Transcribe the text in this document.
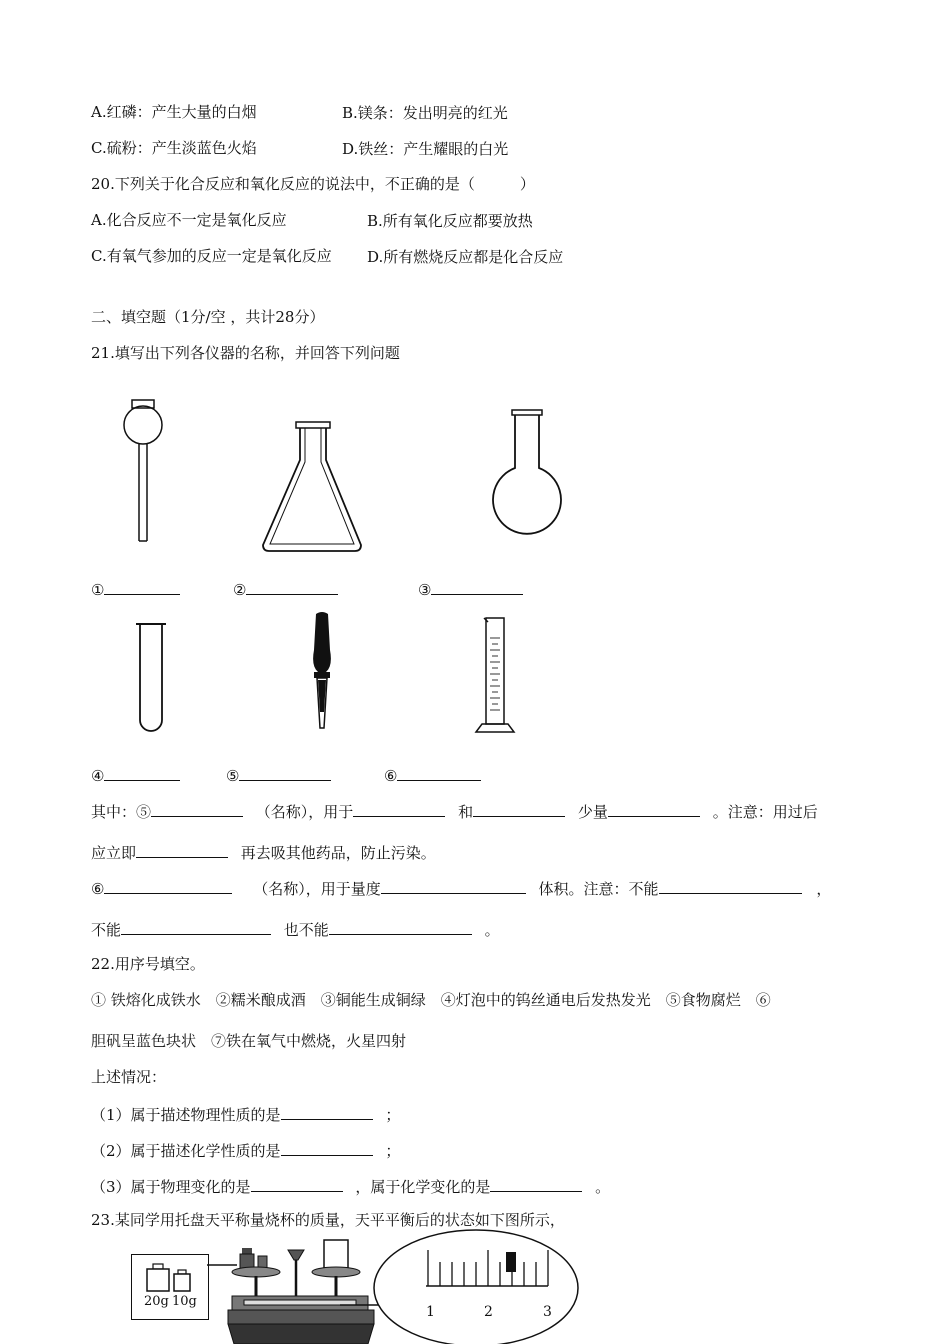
A.红磷：产生大量的白烟	B.镁条：发出明亮的红光
C.硫粉：产生淡蓝色火焰	D.铁丝：产生耀眼的白光
20.下列关于化合反应和氧化反应的说法中，不正确的是（　　　）
A.化合反应不一定是氧化反应	B.所有氧化反应都要放热
C.有氧气参加的反应一定是氧化反应 D.所有燃烧反应都是化合反应
二、填空题（1分/空 ，共计28分）
21.填写出下列各仪器的名称，并回答下列问题
①	②	③
④	⑤	⑥
其中：⑤	（名称），用于	和	少量	。注意：用过后
应立即	再去吸其他药品，防止污染。
⑥	（名称），用于量度	体积。注意：不能	，
不能	也不能	。
22.用序号填空。
① 铁熔化成铁水　②糯米酿成酒　③铜能生成铜绿　④灯泡中的钨丝通电后发热发光　⑤食物腐烂　⑥
胆矾呈蓝色块状　⑦铁在氧气中燃烧，火星四射
上述情况：
（1）属于描述物理性质的是	；
（2）属于描述化学性质的是	；
（3）属于物理变化的是	，属于化学变化的是	。
23.某同学用托盘天平称量烧杯的质量，天平平衡后的状态如下图所示，
20g 10g
1	2	3
